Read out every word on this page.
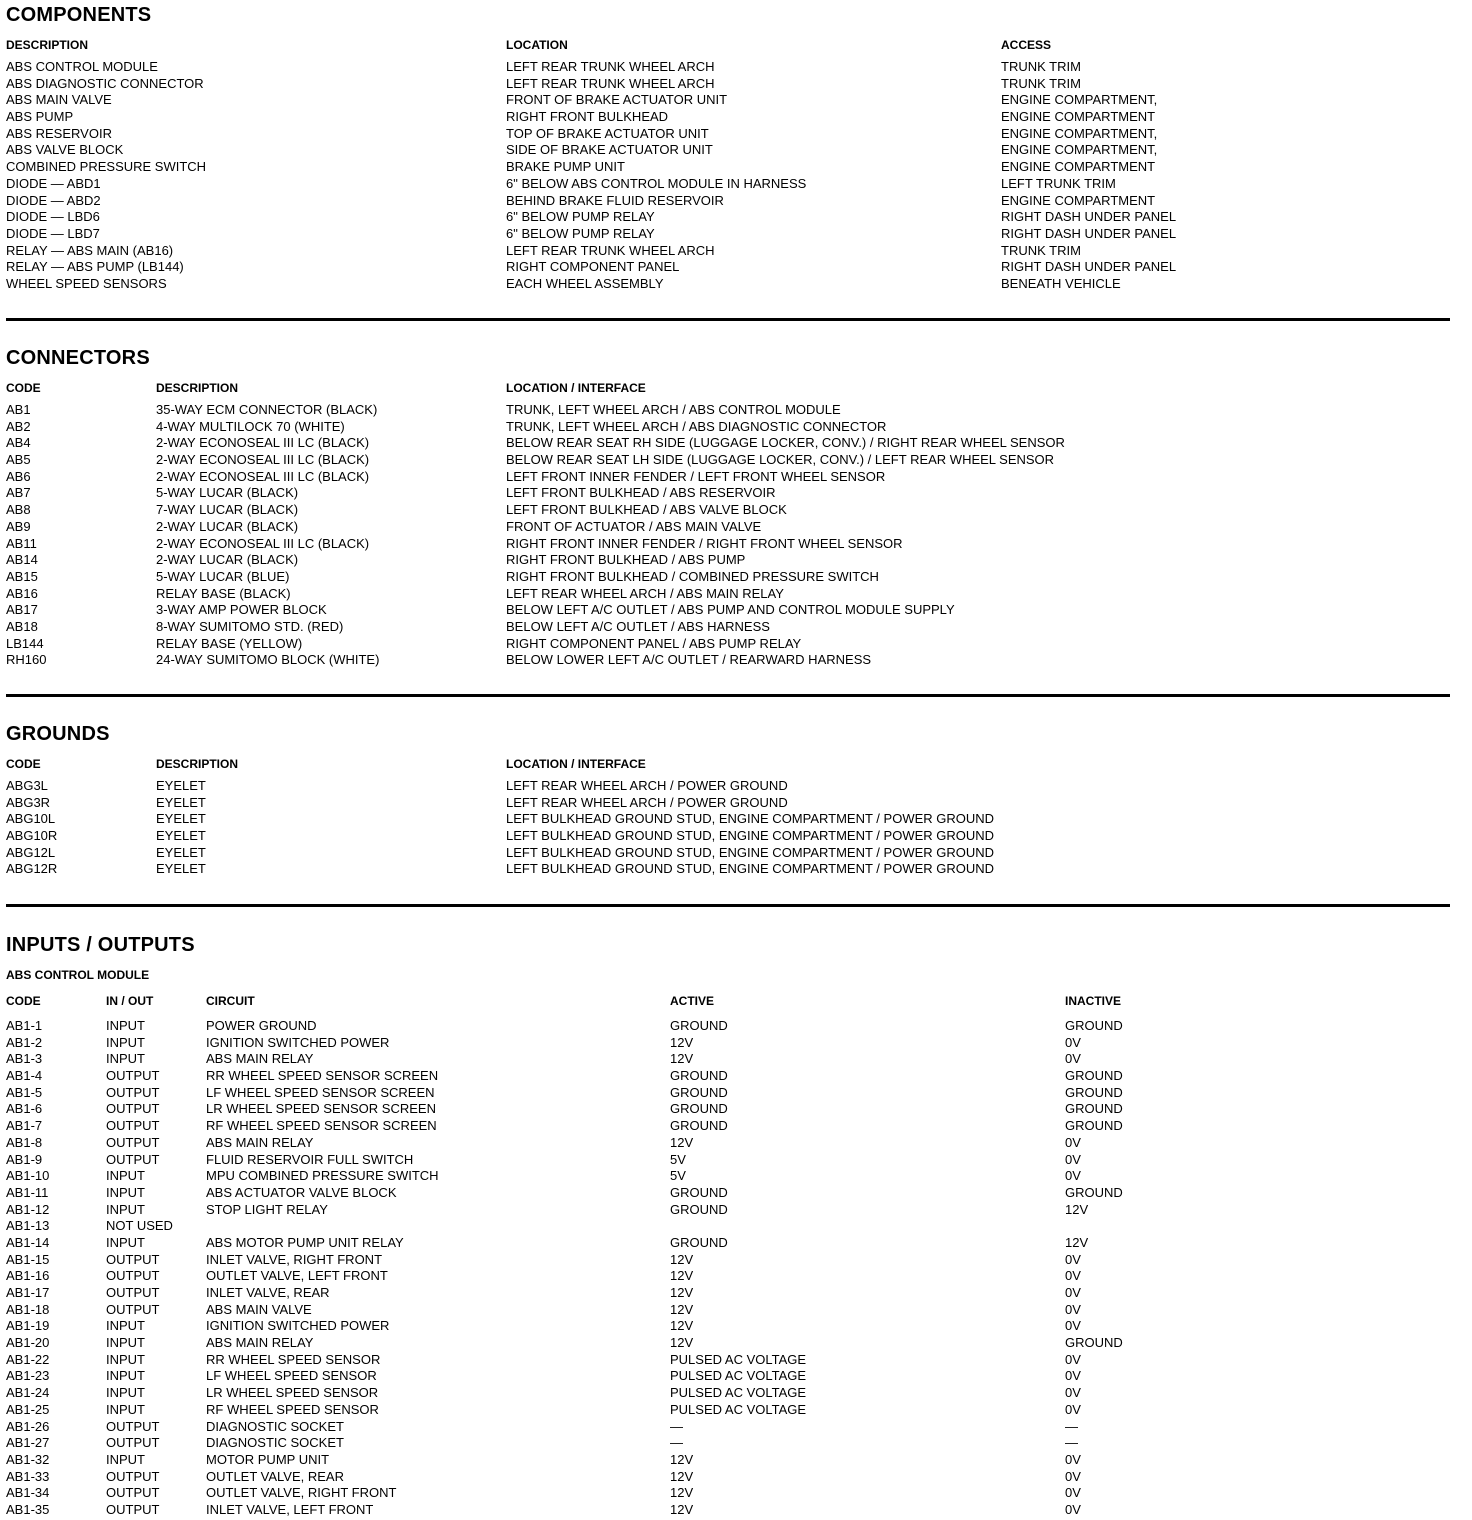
COMPONENTS
DESCRIPTION	LOCATION	ACCESS
ABS CONTROL MODULE	LEFT REAR TRUNK WHEEL ARCH	TRUNK TRIM
ABS DIAGNOSTIC CONNECTOR	LEFT REAR TRUNK WHEEL ARCH	TRUNK TRIM
ABS MAIN VALVE	FRONT OF BRAKE ACTUATOR UNIT	ENGINE COMPARTMENT,
ABS PUMP	RIGHT FRONT BULKHEAD	ENGINE COMPARTMENT
ABS RESERVOIR	TOP OF BRAKE ACTUATOR UNIT	ENGINE COMPARTMENT,
ABS VALVE BLOCK	SIDE OF BRAKE ACTUATOR UNIT	ENGINE COMPARTMENT,
COMBINED PRESSURE SWITCH	BRAKE PUMP UNIT	ENGINE COMPARTMENT
DIODE — ABD1	6" BELOW ABS CONTROL MODULE IN HARNESS	LEFT TRUNK TRIM
DIODE — ABD2	BEHIND BRAKE FLUID RESERVOIR	ENGINE COMPARTMENT
DIODE — LBD6	6" BELOW PUMP RELAY	RIGHT DASH UNDER PANEL
DIODE — LBD7	6" BELOW PUMP RELAY	RIGHT DASH UNDER PANEL
RELAY — ABS MAIN (AB16)	LEFT REAR TRUNK WHEEL ARCH	TRUNK TRIM
RELAY — ABS PUMP (LB144)	RIGHT COMPONENT PANEL	RIGHT DASH UNDER PANEL
WHEEL SPEED SENSORS	EACH WHEEL ASSEMBLY	BENEATH VEHICLE
CONNECTORS
CODE	DESCRIPTION	LOCATION / INTERFACE
AB1	35-WAY ECM CONNECTOR (BLACK)	TRUNK, LEFT WHEEL ARCH / ABS CONTROL MODULE
AB2	4-WAY MULTILOCK 70 (WHITE)	TRUNK, LEFT WHEEL ARCH / ABS DIAGNOSTIC CONNECTOR
AB4	2-WAY ECONOSEAL III LC (BLACK)	BELOW REAR SEAT RH SIDE (LUGGAGE LOCKER, CONV.) / RIGHT REAR WHEEL SENSOR
AB5	2-WAY ECONOSEAL III LC (BLACK)	BELOW REAR SEAT LH SIDE (LUGGAGE LOCKER, CONV.) / LEFT REAR WHEEL SENSOR
AB6	2-WAY ECONOSEAL III LC (BLACK)	LEFT FRONT INNER FENDER / LEFT FRONT WHEEL SENSOR
AB7	5-WAY LUCAR (BLACK)	LEFT FRONT BULKHEAD / ABS RESERVOIR
AB8	7-WAY LUCAR (BLACK)	LEFT FRONT BULKHEAD / ABS VALVE BLOCK
AB9	2-WAY LUCAR (BLACK)	FRONT OF ACTUATOR / ABS MAIN VALVE
AB11	2-WAY ECONOSEAL III LC (BLACK)	RIGHT FRONT INNER FENDER / RIGHT FRONT WHEEL SENSOR
AB14	2-WAY LUCAR (BLACK)	RIGHT FRONT BULKHEAD / ABS PUMP
AB15	5-WAY LUCAR (BLUE)	RIGHT FRONT BULKHEAD / COMBINED PRESSURE SWITCH
AB16	RELAY BASE (BLACK)	LEFT REAR WHEEL ARCH / ABS MAIN RELAY
AB17	3-WAY AMP POWER BLOCK	BELOW LEFT A/C OUTLET / ABS PUMP AND CONTROL MODULE SUPPLY
AB18	8-WAY SUMITOMO STD. (RED)	BELOW LEFT A/C OUTLET / ABS HARNESS
LB144	RELAY BASE (YELLOW)	RIGHT COMPONENT PANEL / ABS PUMP RELAY
RH160	24-WAY SUMITOMO BLOCK (WHITE)	BELOW LOWER LEFT A/C OUTLET / REARWARD HARNESS
GROUNDS
CODE	DESCRIPTION	LOCATION / INTERFACE
ABG3L	EYELET	LEFT REAR WHEEL ARCH / POWER GROUND
ABG3R	EYELET	LEFT REAR WHEEL ARCH / POWER GROUND
ABG10L	EYELET	LEFT BULKHEAD GROUND STUD, ENGINE COMPARTMENT / POWER GROUND
ABG10R	EYELET	LEFT BULKHEAD GROUND STUD, ENGINE COMPARTMENT / POWER GROUND
ABG12L	EYELET	LEFT BULKHEAD GROUND STUD, ENGINE COMPARTMENT / POWER GROUND
ABG12R	EYELET	LEFT BULKHEAD GROUND STUD, ENGINE COMPARTMENT / POWER GROUND
INPUTS / OUTPUTS
ABS CONTROL MODULE
CODE	IN / OUT	CIRCUIT	ACTIVE	INACTIVE
AB1-1	INPUT	POWER GROUND	GROUND	GROUND
AB1-2	INPUT	IGNITION SWITCHED POWER	12V	0V
AB1-3	INPUT	ABS MAIN RELAY	12V	0V
AB1-4	OUTPUT	RR WHEEL SPEED SENSOR SCREEN	GROUND	GROUND
AB1-5	OUTPUT	LF WHEEL SPEED SENSOR SCREEN	GROUND	GROUND
AB1-6	OUTPUT	LR WHEEL SPEED SENSOR SCREEN	GROUND	GROUND
AB1-7	OUTPUT	RF WHEEL SPEED SENSOR SCREEN	GROUND	GROUND
AB1-8	OUTPUT	ABS MAIN RELAY	12V	0V
AB1-9	OUTPUT	FLUID RESERVOIR FULL SWITCH	5V	0V
AB1-10	INPUT	MPU COMBINED PRESSURE SWITCH	5V	0V
AB1-11	INPUT	ABS ACTUATOR VALVE BLOCK	GROUND	GROUND
AB1-12	INPUT	STOP LIGHT RELAY	GROUND	12V
AB1-13	NOT USED
AB1-14	INPUT	ABS MOTOR PUMP UNIT RELAY	GROUND	12V
AB1-15	OUTPUT	INLET VALVE, RIGHT FRONT	12V	0V
AB1-16	OUTPUT	OUTLET VALVE, LEFT FRONT	12V	0V
AB1-17	OUTPUT	INLET VALVE, REAR	12V	0V
AB1-18	OUTPUT	ABS MAIN VALVE	12V	0V
AB1-19	INPUT	IGNITION SWITCHED POWER	12V	0V
AB1-20	INPUT	ABS MAIN RELAY	12V	GROUND
AB1-22	INPUT	RR WHEEL SPEED SENSOR	PULSED AC VOLTAGE	0V
AB1-23	INPUT	LF WHEEL SPEED SENSOR	PULSED AC VOLTAGE	0V
AB1-24	INPUT	LR WHEEL SPEED SENSOR	PULSED AC VOLTAGE	0V
AB1-25	INPUT	RF WHEEL SPEED SENSOR	PULSED AC VOLTAGE	0V
AB1-26	OUTPUT	DIAGNOSTIC SOCKET	—	—
AB1-27	OUTPUT	DIAGNOSTIC SOCKET	—	—
AB1-32	INPUT	MOTOR PUMP UNIT	12V	0V
AB1-33	OUTPUT	OUTLET VALVE, REAR	12V	0V
AB1-34	OUTPUT	OUTLET VALVE, RIGHT FRONT	12V	0V
AB1-35	OUTPUT	INLET VALVE, LEFT FRONT	12V	0V
